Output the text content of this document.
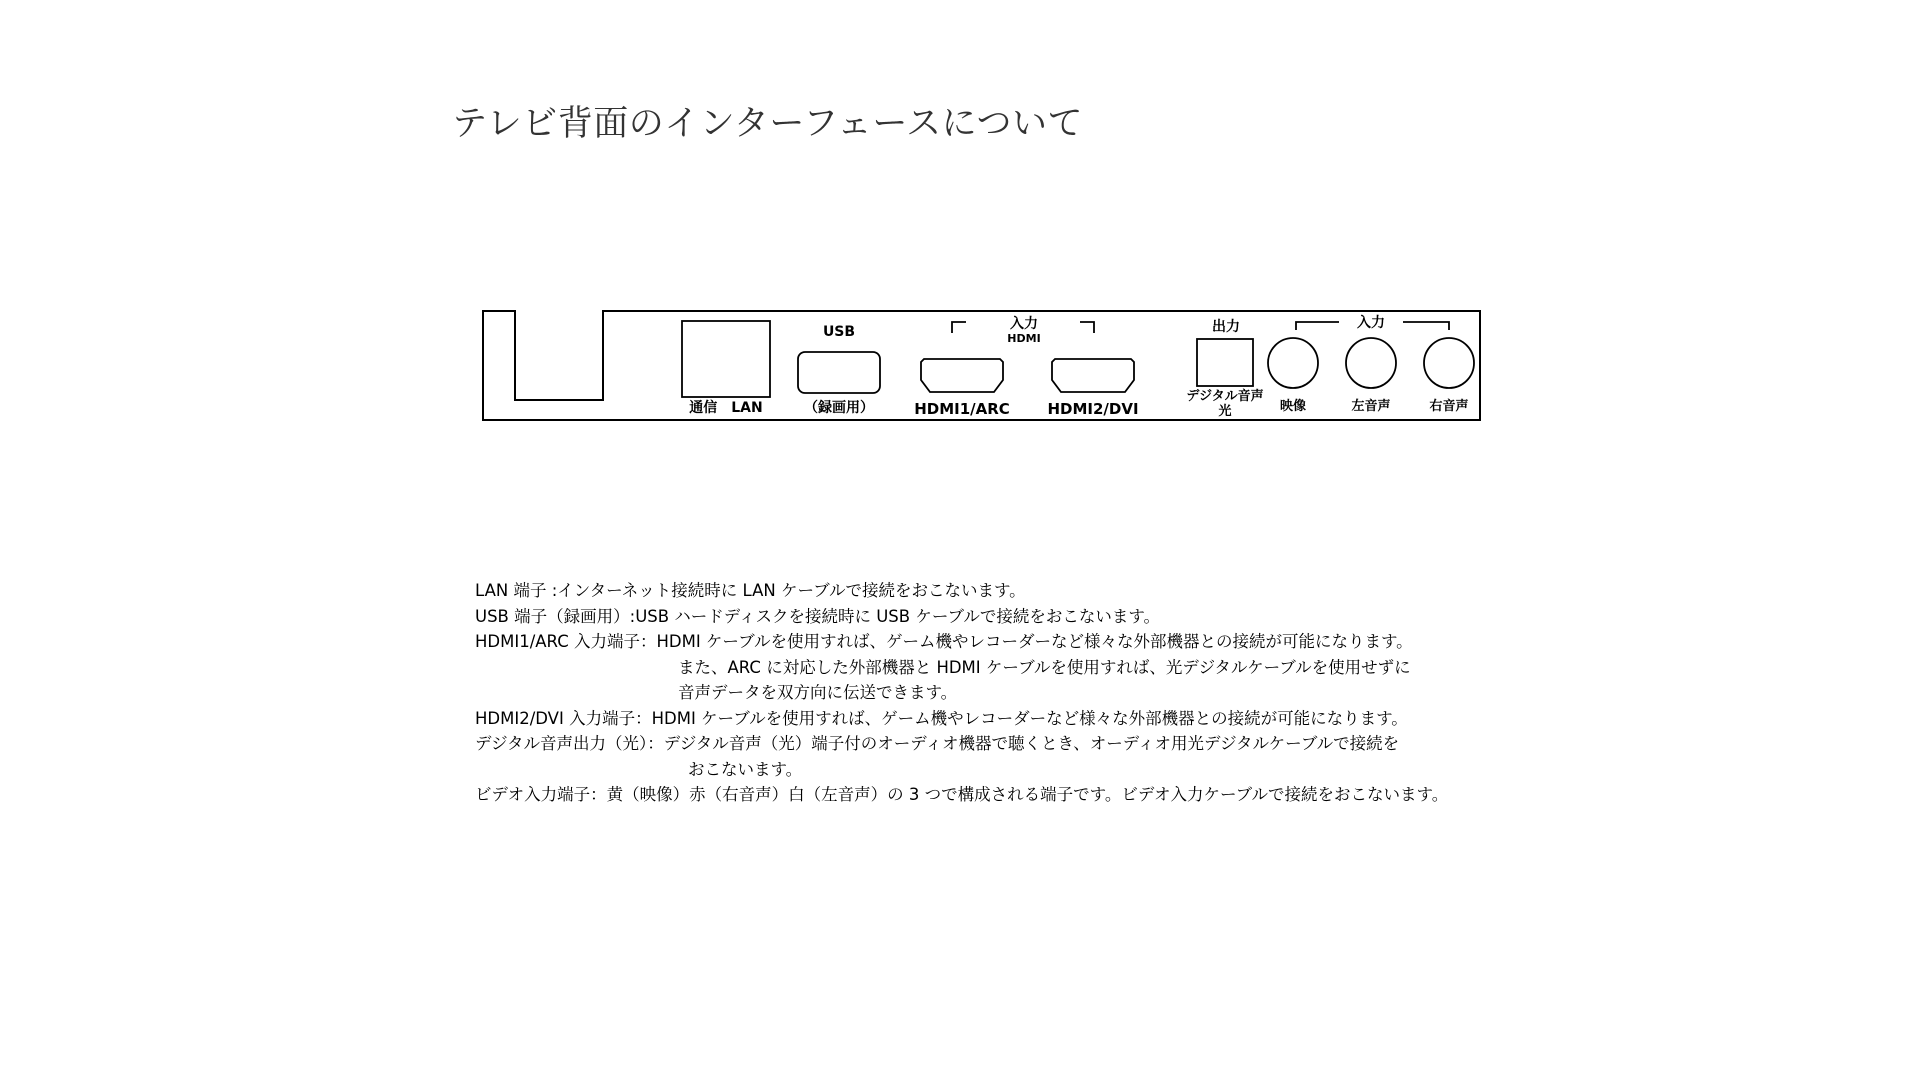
テレビ背面のインターフェースについて
通信　LAN
USB
（録画用）
入力
HDMI
HDMI1/ARC	HDMI2/DVI
出力
デジタル音声
光
入力
映像	左音声	右音声
LAN 端子 : インターネット接続時に LAN ケーブルで接続をおこないます。
USB 端子（録画用）: USB ハードディスクを接続時に USB ケーブルで接続をおこないます。
HDMI1/ARC 入力端子： HDMI ケーブルを使用すれば、ゲーム機やレコーダーなど様々な外部機器との接続が可能になります。
また、ARC に対応した外部機器と HDMI ケーブルを使用すれば、光デジタルケーブルを使用せずに
音声データを双方向に伝送できます。
HDMI2/DVI 入力端子： HDMI ケーブルを使用すれば、ゲーム機やレコーダーなど様々な外部機器との接続が可能になります。
デジタル音声出力（光）： デジタル音声（光）端子付のオーディオ機器で聴くとき、オーディオ用光デジタルケーブルで接続を
おこないます。
ビデオ入力端子： 黄（映像）赤（右音声）白（左音声）の 3 つで構成される端子です。ビデオ入力ケーブルで接続をおこないます。
